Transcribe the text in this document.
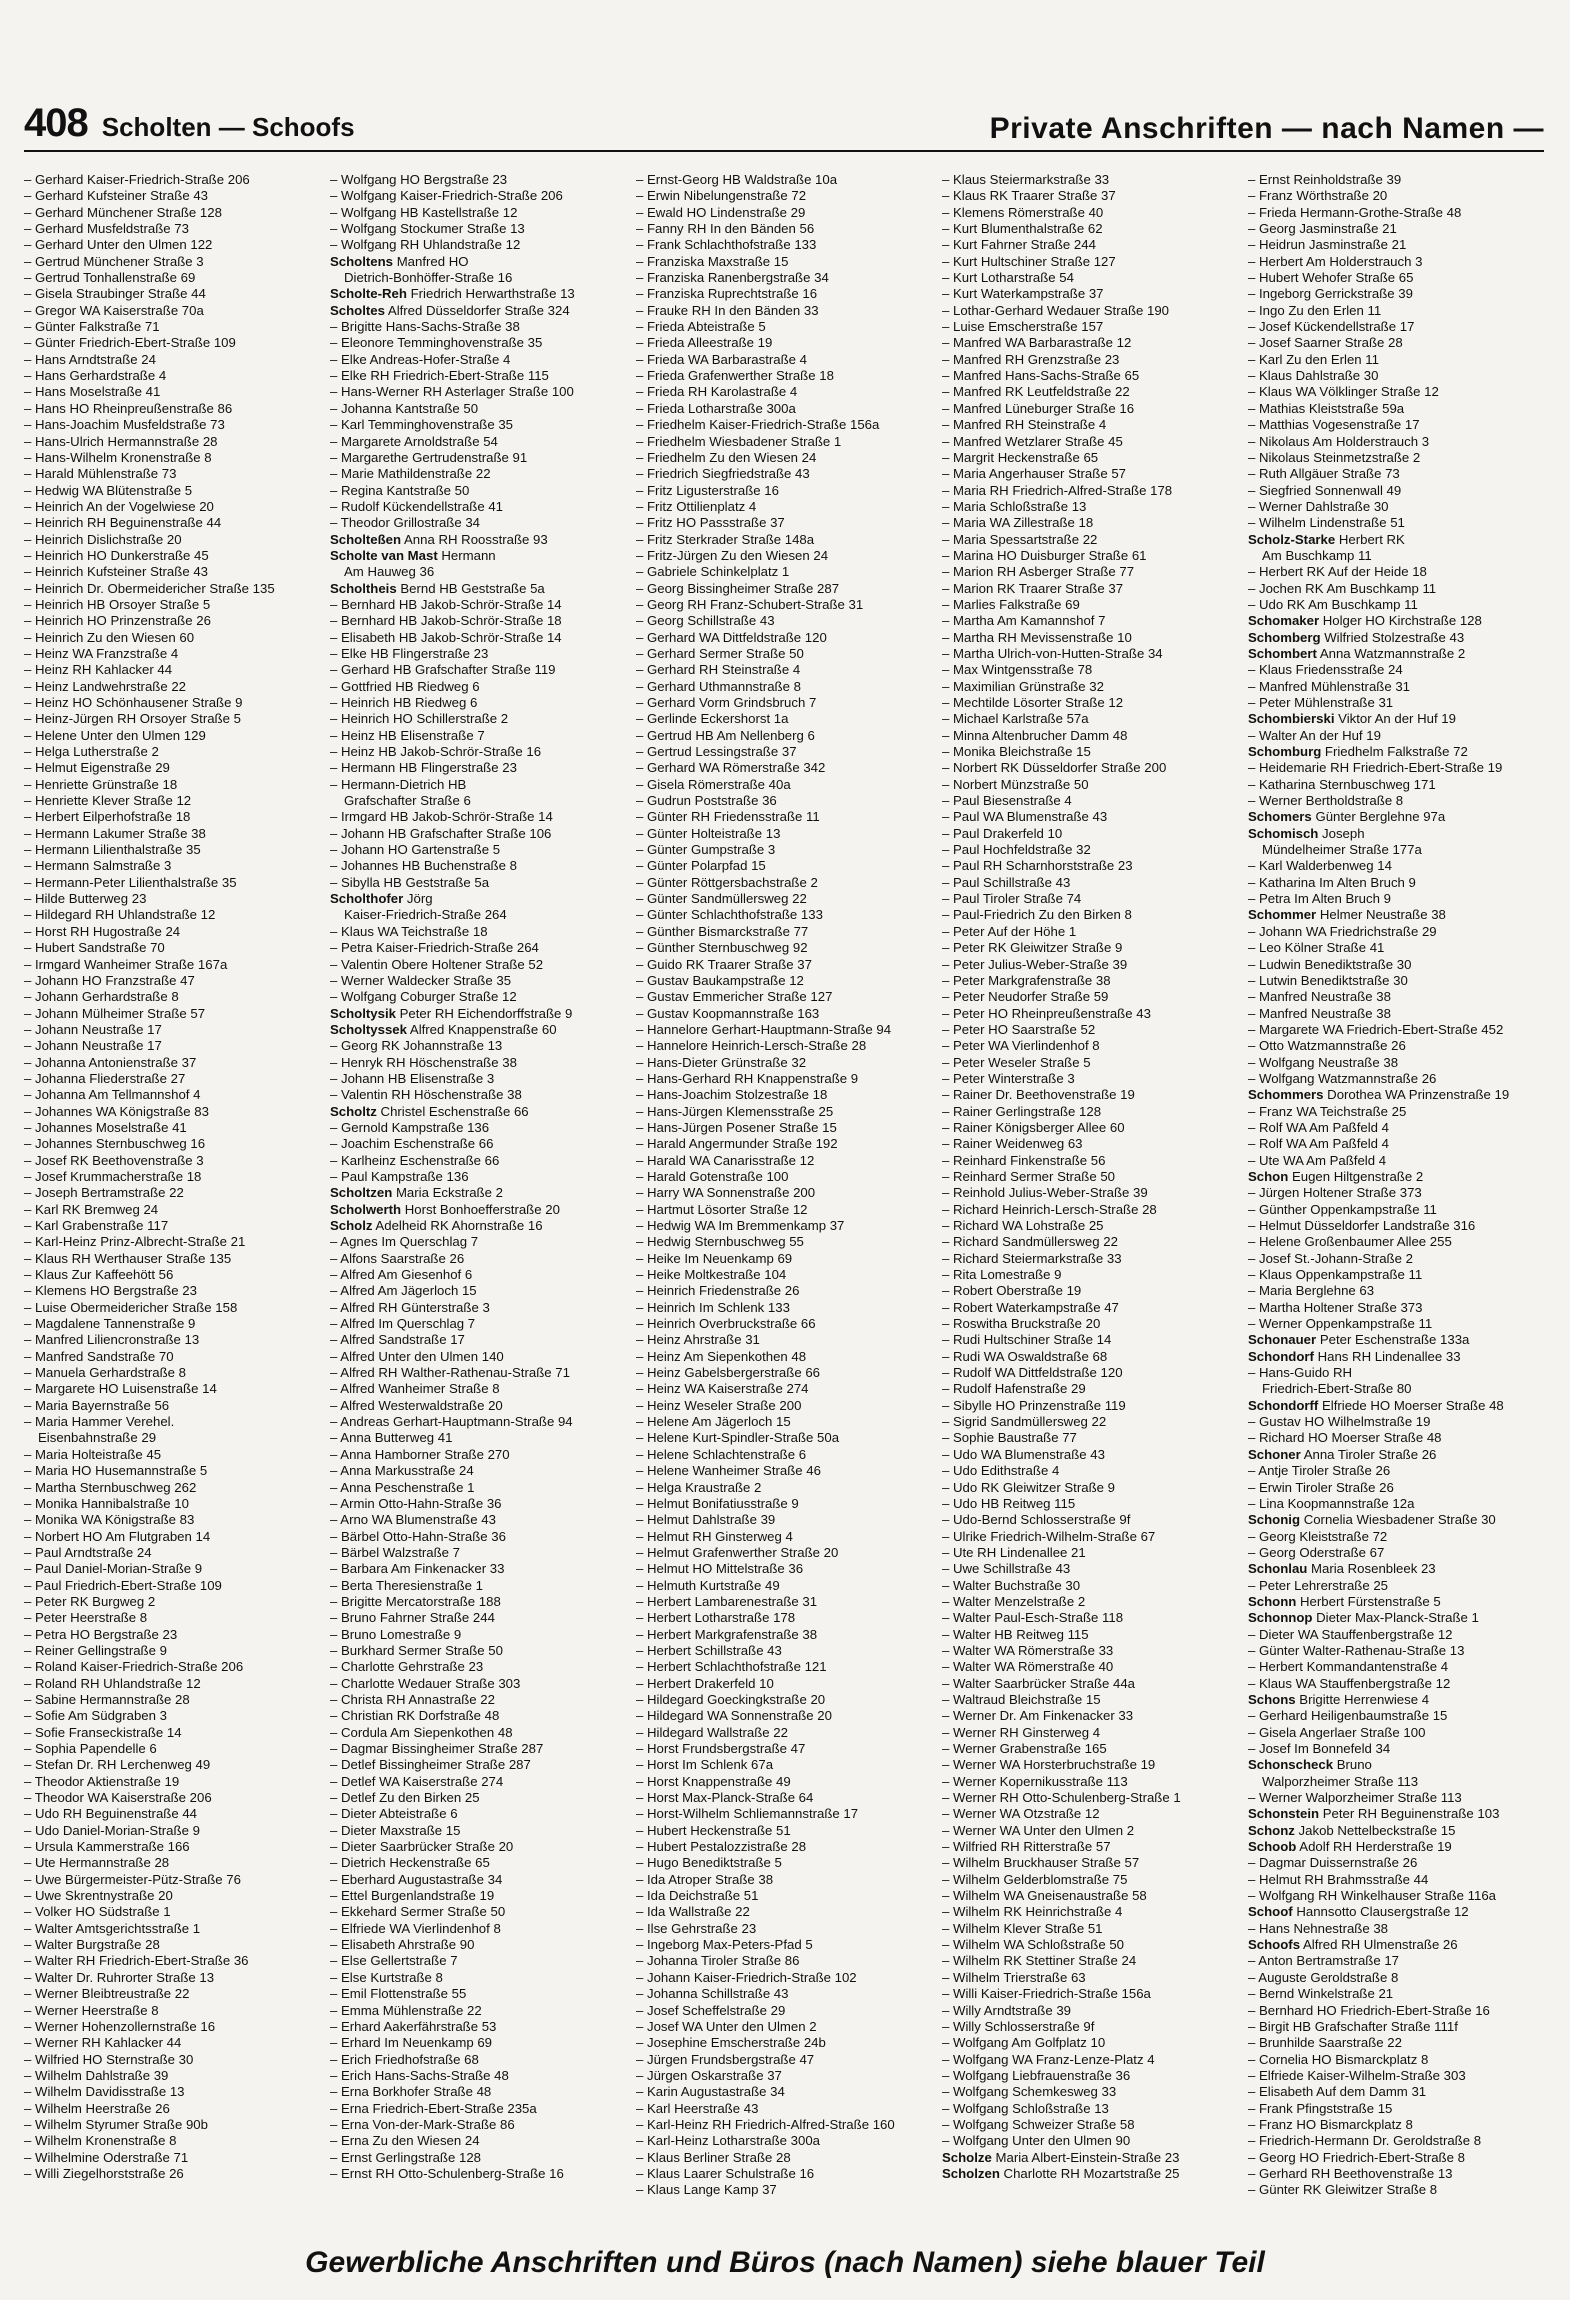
408 Scholten — Schoofs	Private Anschriften — nach Namen —
– Gerhard Kaiser-Friedrich-Straße 206
– Gerhard Kufsteiner Straße 43
– Gerhard Münchener Straße 128
– Gerhard Musfeldstraße 73
– Gerhard Unter den Ulmen 122
– Gertrud Münchener Straße 3
– Gertrud Tonhallenstraße 69
– Gisela Straubinger Straße 44
– Gregor WA Kaiserstraße 70a
– Günter Falkstraße 71
– Günter Friedrich-Ebert-Straße 109
– Hans Arndtstraße 24
– Hans Gerhardstraße 4
– Hans Moselstraße 41
– Hans HO Rheinpreußenstraße 86
– Hans-Joachim Musfeldstraße 73
– Hans-Ulrich Hermannstraße 28
– Hans-Wilhelm Kronenstraße 8
– Harald Mühlenstraße 73
– Hedwig WA Blütenstraße 5
– Heinrich An der Vogelwiese 20
– Heinrich RH Beguinenstraße 44
– Heinrich Dislichstraße 20
– Heinrich HO Dunkerstraße 45
– Heinrich Kufsteiner Straße 43
– Heinrich Dr. Obermeidericher Straße 135
– Heinrich HB Orsoyer Straße 5
– Heinrich HO Prinzenstraße 26
– Heinrich Zu den Wiesen 60
– Heinz WA Franzstraße 4
– Heinz RH Kahlacker 44
– Heinz Landwehrstraße 22
– Heinz HO Schönhausener Straße 9
– Heinz-Jürgen RH Orsoyer Straße 5
– Helene Unter den Ulmen 129
– Helga Lutherstraße 2
– Helmut Eigenstraße 29
– Henriette Grünstraße 18
– Henriette Klever Straße 12
– Herbert Eilperhofstraße 18
– Hermann Lakumer Straße 38
– Hermann Lilienthalstraße 35
– Hermann Salmstraße 3
– Hermann-Peter Lilienthalstraße 35
– Hilde Butterweg 23
– Hildegard RH Uhlandstraße 12
– Horst RH Hugostraße 24
– Hubert Sandstraße 70
– Irmgard Wanheimer Straße 167a
– Johann HO Franzstraße 47
– Johann Gerhardstraße 8
– Johann Mülheimer Straße 57
– Johann Neustraße 17
– Johann Neustraße 17
– Johanna Antonienstraße 37
– Johanna Fliederstraße 27
– Johanna Am Tellmannshof 4
– Johannes WA Königstraße 83
– Johannes Moselstraße 41
– Johannes Sternbuschweg 16
– Josef RK Beethovenstraße 3
– Josef Krummacherstraße 18
– Joseph Bertramstraße 22
– Karl RK Bremweg 24
– Karl Grabenstraße 117
– Karl-Heinz Prinz-Albrecht-Straße 21
– Klaus RH Werthauser Straße 135
– Klaus Zur Kaffeehött 56
– Klemens HO Bergstraße 23
– Luise Obermeidericher Straße 158
– Magdalene Tannenstraße 9
– Manfred Liliencronstraße 13
– Manfred Sandstraße 70
– Manuela Gerhardstraße 8
– Margarete HO Luisenstraße 14
– Maria Bayernstraße 56
– Maria Hammer Verehel.
Eisenbahnstraße 29
– Maria Holteistraße 45
– Maria HO Husemannstraße 5
– Martha Sternbuschweg 262
– Monika Hannibalstraße 10
– Monika WA Königstraße 83
– Norbert HO Am Flutgraben 14
– Paul Arndtstraße 24
– Paul Daniel-Morian-Straße 9
– Paul Friedrich-Ebert-Straße 109
– Peter RK Burgweg 2
– Peter Heerstraße 8
– Petra HO Bergstraße 23
– Reiner Gellingstraße 9
– Roland Kaiser-Friedrich-Straße 206
– Roland RH Uhlandstraße 12
– Sabine Hermannstraße 28
– Sofie Am Südgraben 3
– Sofie Franseckistraße 14
– Sophia Papendelle 6
– Stefan Dr. RH Lerchenweg 49
– Theodor Aktienstraße 19
– Theodor WA Kaiserstraße 206
– Udo RH Beguinenstraße 44
– Udo Daniel-Morian-Straße 9
– Ursula Kammerstraße 166
– Ute Hermannstraße 28
– Uwe Bürgermeister-Pütz-Straße 76
– Uwe Skrentnystraße 20
– Volker HO Südstraße 1
– Walter Amtsgerichtsstraße 1
– Walter Burgstraße 28
– Walter RH Friedrich-Ebert-Straße 36
– Walter Dr. Ruhrorter Straße 13
– Werner Bleibtreustraße 22
– Werner Heerstraße 8
– Werner Hohenzollernstraße 16
– Werner RH Kahlacker 44
– Wilfried HO Sternstraße 30
– Wilhelm Dahlstraße 39
– Wilhelm Davidisstraße 13
– Wilhelm Heerstraße 26
– Wilhelm Styrumer Straße 90b
– Wilhelm Kronenstraße 8
– Wilhelmine Oderstraße 71
– Willi Ziegelhorststraße 26
– Wolfgang HO Bergstraße 23
– Wolfgang Kaiser-Friedrich-Straße 206
– Wolfgang HB Kastellstraße 12
– Wolfgang Stockumer Straße 13
– Wolfgang RH Uhlandstraße 12
Scholtens Manfred HO
Dietrich-Bonhöffer-Straße 16
Scholte-Reh Friedrich Herwarthstraße 13
Scholtes Alfred Düsseldorfer Straße 324
– Brigitte Hans-Sachs-Straße 38
– Eleonore Temminghovenstraße 35
– Elke Andreas-Hofer-Straße 4
– Elke RH Friedrich-Ebert-Straße 115
– Hans-Werner RH Asterlager Straße 100
– Johanna Kantstraße 50
– Karl Temminghovenstraße 35
– Margarete Arnoldstraße 54
– Margarethe Gertrudenstraße 91
– Marie Mathildenstraße 22
– Regina Kantstraße 50
– Rudolf Kückendellstraße 41
– Theodor Grillostraße 34
Scholteßen Anna RH Roosstraße 93
Scholte van Mast Hermann
Am Hauweg 36
Scholtheis Bernd HB Geststraße 5a
– Bernhard HB Jakob-Schrör-Straße 14
– Bernhard HB Jakob-Schrör-Straße 18
– Elisabeth HB Jakob-Schrör-Straße 14
– Elke HB Flingerstraße 23
– Gerhard HB Grafschafter Straße 119
– Gottfried HB Riedweg 6
– Heinrich HB Riedweg 6
– Heinrich HO Schillerstraße 2
– Heinz HB Elisenstraße 7
– Heinz HB Jakob-Schrör-Straße 16
– Hermann HB Flingerstraße 23
– Hermann-Dietrich HB
Grafschafter Straße 6
– Irmgard HB Jakob-Schrör-Straße 14
– Johann HB Grafschafter Straße 106
– Johann HO Gartenstraße 5
– Johannes HB Buchenstraße 8
– Sibylla HB Geststraße 5a
Scholthofer Jörg
Kaiser-Friedrich-Straße 264
– Klaus WA Teichstraße 18
– Petra Kaiser-Friedrich-Straße 264
– Valentin Obere Holtener Straße 52
– Werner Waldecker Straße 35
– Wolfgang Coburger Straße 12
Scholtysik Peter RH Eichendorffstraße 9
Scholtyssek Alfred Knappenstraße 60
– Georg RK Johannstraße 13
– Henryk RH Höschenstraße 38
– Johann HB Elisenstraße 3
– Valentin RH Höschenstraße 38
Scholtz Christel Eschenstraße 66
– Gernold Kampstraße 136
– Joachim Eschenstraße 66
– Karlheinz Eschenstraße 66
– Paul Kampstraße 136
Scholtzen Maria Eckstraße 2
Scholwerth Horst Bonhoefferstraße 20
Scholz Adelheid RK Ahornstraße 16
– Agnes Im Querschlag 7
– Alfons Saarstraße 26
– Alfred Am Giesenhof 6
– Alfred Am Jägerloch 15
– Alfred RH Günterstraße 3
– Alfred Im Querschlag 7
– Alfred Sandstraße 17
– Alfred Unter den Ulmen 140
– Alfred RH Walther-Rathenau-Straße 71
– Alfred Wanheimer Straße 8
– Alfred Westerwaldstraße 20
– Andreas Gerhart-Hauptmann-Straße 94
– Anna Butterweg 41
– Anna Hamborner Straße 270
– Anna Markusstraße 24
– Anna Peschenstraße 1
– Armin Otto-Hahn-Straße 36
– Arno WA Blumenstraße 43
– Bärbel Otto-Hahn-Straße 36
– Bärbel Walzstraße 7
– Barbara Am Finkenacker 33
– Berta Theresienstraße 1
– Brigitte Mercatorstraße 188
– Bruno Fahrner Straße 244
– Bruno Lomestraße 9
– Burkhard Sermer Straße 50
– Charlotte Gehrstraße 23
– Charlotte Wedauer Straße 303
– Christa RH Annastraße 22
– Christian RK Dorfstraße 48
– Cordula Am Siepenkothen 48
– Dagmar Bissingheimer Straße 287
– Detlef Bissingheimer Straße 287
– Detlef WA Kaiserstraße 274
– Detlef Zu den Birken 25
– Dieter Abteistraße 6
– Dieter Maxstraße 15
– Dieter Saarbrücker Straße 20
– Dietrich Heckenstraße 65
– Eberhard Augustastraße 34
– Ettel Burgenlandstraße 19
– Ekkehard Sermer Straße 50
– Elfriede WA Vierlindenhof 8
– Elisabeth Ahrstraße 90
– Else Gellertstraße 7
– Else Kurtstraße 8
– Emil Flottenstraße 55
– Emma Mühlenstraße 22
– Erhard Aakerfährstraße 53
– Erhard Im Neuenkamp 69
– Erich Friedhofstraße 68
– Erich Hans-Sachs-Straße 48
– Erna Borkhofer Straße 48
– Erna Friedrich-Ebert-Straße 235a
– Erna Von-der-Mark-Straße 86
– Erna Zu den Wiesen 24
– Ernst Gerlingstraße 128
– Ernst RH Otto-Schulenberg-Straße 16
– Ernst-Georg HB Waldstraße 10a
– Erwin Nibelungenstraße 72
– Ewald HO Lindenstraße 29
– Fanny RH In den Bänden 56
– Frank Schlachthofstraße 133
– Franziska Maxstraße 15
– Franziska Ranenbergstraße 34
– Franziska Ruprechtstraße 16
– Frauke RH In den Bänden 33
– Frieda Abteistraße 5
– Frieda Alleestraße 19
– Frieda WA Barbarastraße 4
– Frieda Grafenwerther Straße 18
– Frieda RH Karolastraße 4
– Frieda Lotharstraße 300a
– Friedhelm Kaiser-Friedrich-Straße 156a
– Friedhelm Wiesbadener Straße 1
– Friedhelm Zu den Wiesen 24
– Friedrich Siegfriedstraße 43
– Fritz Ligusterstraße 16
– Fritz Ottilienplatz 4
– Fritz HO Passstraße 37
– Fritz Sterkrader Straße 148a
– Fritz-Jürgen Zu den Wiesen 24
– Gabriele Schinkelplatz 1
– Georg Bissingheimer Straße 287
– Georg RH Franz-Schubert-Straße 31
– Georg Schillstraße 43
– Gerhard WA Dittfeldstraße 120
– Gerhard Sermer Straße 50
– Gerhard RH Steinstraße 4
– Gerhard Uthmannstraße 8
– Gerhard Vorm Grindsbruch 7
– Gerlinde Eckershorst 1a
– Gertrud HB Am Nellenberg 6
– Gertrud Lessingstraße 37
– Gerhard WA Römerstraße 342
– Gisela Römerstraße 40a
– Gudrun Poststraße 36
– Günter RH Friedensstraße 11
– Günter Holteistraße 13
– Günter Gumpstraße 3
– Günter Polarpfad 15
– Günter Röttgersbachstraße 2
– Günter Sandmüllersweg 22
– Günter Schlachthofstraße 133
– Günther Bismarckstraße 77
– Günther Sternbuschweg 92
– Guido RK Traarer Straße 37
– Gustav Baukampstraße 12
– Gustav Emmericher Straße 127
– Gustav Koopmannstraße 163
– Hannelore Gerhart-Hauptmann-Straße 94
– Hannelore Heinrich-Lersch-Straße 28
– Hans-Dieter Grünstraße 32
– Hans-Gerhard RH Knappenstraße 9
– Hans-Joachim Stolzestraße 18
– Hans-Jürgen Klemensstraße 25
– Hans-Jürgen Posener Straße 15
– Harald Angermunder Straße 192
– Harald WA Canarisstraße 12
– Harald Gotenstraße 100
– Harry WA Sonnenstraße 200
– Hartmut Lösorter Straße 12
– Hedwig WA Im Bremmenkamp 37
– Hedwig Sternbuschweg 55
– Heike Im Neuenkamp 69
– Heike Moltkestraße 104
– Heinrich Friedenstraße 26
– Heinrich Im Schlenk 133
– Heinrich Overbruckstraße 66
– Heinz Ahrstraße 31
– Heinz Am Siepenkothen 48
– Heinz Gabelsbergerstraße 66
– Heinz WA Kaiserstraße 274
– Heinz Weseler Straße 200
– Helene Am Jägerloch 15
– Helene Kurt-Spindler-Straße 50a
– Helene Schlachtenstraße 6
– Helene Wanheimer Straße 46
– Helga Kraustraße 2
– Helmut Bonifatiusstraße 9
– Helmut Dahlstraße 39
– Helmut RH Ginsterweg 4
– Helmut Grafenwerther Straße 20
– Helmut HO Mittelstraße 36
– Helmuth Kurtstraße 49
– Herbert Lambarenestraße 31
– Herbert Lotharstraße 178
– Herbert Markgrafenstraße 38
– Herbert Schillstraße 43
– Herbert Schlachthofstraße 121
– Herbert Drakerfeld 10
– Hildegard Goeckingkstraße 20
– Hildegard WA Sonnenstraße 20
– Hildegard Wallstraße 22
– Horst Frundsbergstraße 47
– Horst Im Schlenk 67a
– Horst Knappenstraße 49
– Horst Max-Planck-Straße 64
– Horst-Wilhelm Schliemannstraße 17
– Hubert Heckenstraße 51
– Hubert Pestalozzistraße 28
– Hugo Benediktstraße 5
– Ida Atroper Straße 38
– Ida Deichstraße 51
– Ida Wallstraße 22
– Ilse Gehrstraße 23
– Ingeborg Max-Peters-Pfad 5
– Johanna Tiroler Straße 86
– Johann Kaiser-Friedrich-Straße 102
– Johanna Schillstraße 43
– Josef Scheffelstraße 29
– Josef WA Unter den Ulmen 2
– Josephine Emscherstraße 24b
– Jürgen Frundsbergstraße 47
– Jürgen Oskarstraße 37
– Karin Augustastraße 34
– Karl Heerstraße 43
– Karl-Heinz RH Friedrich-Alfred-Straße 160
– Karl-Heinz Lotharstraße 300a
– Klaus Berliner Straße 28
– Klaus Laarer Schulstraße 16
– Klaus Lange Kamp 37
– Klaus Steiermarkstraße 33
– Klaus RK Traarer Straße 37
– Klemens Römerstraße 40
– Kurt Blumenthalstraße 62
– Kurt Fahrner Straße 244
– Kurt Hultschiner Straße 127
– Kurt Lotharstraße 54
– Kurt Waterkampstraße 37
– Lothar-Gerhard Wedauer Straße 190
– Luise Emscherstraße 157
– Manfred WA Barbarastraße 12
– Manfred RH Grenzstraße 23
– Manfred Hans-Sachs-Straße 65
– Manfred RK Leutfeldstraße 22
– Manfred Lüneburger Straße 16
– Manfred RH Steinstraße 4
– Manfred Wetzlarer Straße 45
– Margrit Heckenstraße 65
– Maria Angerhauser Straße 57
– Maria RH Friedrich-Alfred-Straße 178
– Maria Schloßstraße 13
– Maria WA Zillestraße 18
– Maria Spessartstraße 22
– Marina HO Duisburger Straße 61
– Marion RH Asberger Straße 77
– Marion RK Traarer Straße 37
– Marlies Falkstraße 69
– Martha Am Kamannshof 7
– Martha RH Mevissenstraße 10
– Martha Ulrich-von-Hutten-Straße 34
– Max Wintgensstraße 78
– Maximilian Grünstraße 32
– Mechtilde Lösorter Straße 12
– Michael Karlstraße 57a
– Minna Altenbrucher Damm 48
– Monika Bleichstraße 15
– Norbert RK Düsseldorfer Straße 200
– Norbert Münzstraße 50
– Paul Biesenstraße 4
– Paul WA Blumenstraße 43
– Paul Drakerfeld 10
– Paul Hochfeldstraße 32
– Paul RH Scharnhorststraße 23
– Paul Schillstraße 43
– Paul Tiroler Straße 74
– Paul-Friedrich Zu den Birken 8
– Peter Auf der Höhe 1
– Peter RK Gleiwitzer Straße 9
– Peter Julius-Weber-Straße 39
– Peter Markgrafenstraße 38
– Peter Neudorfer Straße 59
– Peter HO Rheinpreußenstraße 43
– Peter HO Saarstraße 52
– Peter WA Vierlindenhof 8
– Peter Weseler Straße 5
– Peter Winterstraße 3
– Rainer Dr. Beethovenstraße 19
– Rainer Gerlingstraße 128
– Rainer Königsberger Allee 60
– Rainer Weidenweg 63
– Reinhard Finkenstraße 56
– Reinhard Sermer Straße 50
– Reinhold Julius-Weber-Straße 39
– Richard Heinrich-Lersch-Straße 28
– Richard WA Lohstraße 25
– Richard Sandmüllersweg 22
– Richard Steiermarkstraße 33
– Rita Lomestraße 9
– Robert Oberstraße 19
– Robert Waterkampstraße 47
– Roswitha Bruckstraße 20
– Rudi Hultschiner Straße 14
– Rudi WA Oswaldstraße 68
– Rudolf WA Dittfeldstraße 120
– Rudolf Hafenstraße 29
– Sibylle HO Prinzenstraße 119
– Sigrid Sandmüllersweg 22
– Sophie Baustraße 77
– Udo WA Blumenstraße 43
– Udo Edithstraße 4
– Udo RK Gleiwitzer Straße 9
– Udo HB Reitweg 115
– Udo-Bernd Schlosserstraße 9f
– Ulrike Friedrich-Wilhelm-Straße 67
– Ute RH Lindenallee 21
– Uwe Schillstraße 43
– Walter Buchstraße 30
– Walter Menzelstraße 2
– Walter Paul-Esch-Straße 118
– Walter HB Reitweg 115
– Walter WA Römerstraße 33
– Walter WA Römerstraße 40
– Walter Saarbrücker Straße 44a
– Waltraud Bleichstraße 15
– Werner Dr. Am Finkenacker 33
– Werner RH Ginsterweg 4
– Werner Grabenstraße 165
– Werner WA Horsterbruchstraße 19
– Werner Kopernikusstraße 113
– Werner RH Otto-Schulenberg-Straße 1
– Werner WA Otzstraße 12
– Werner WA Unter den Ulmen 2
– Wilfried RH Ritterstraße 57
– Wilhelm Bruckhauser Straße 57
– Wilhelm Gelderblomstraße 75
– Wilhelm WA Gneisenaustraße 58
– Wilhelm RK Heinrichstraße 4
– Wilhelm Klever Straße 51
– Wilhelm WA Schloßstraße 50
– Wilhelm RK Stettiner Straße 24
– Wilhelm Trierstraße 63
– Willi Kaiser-Friedrich-Straße 156a
– Willy Arndtstraße 39
– Willy Schlosserstraße 9f
– Wolfgang Am Golfplatz 10
– Wolfgang WA Franz-Lenze-Platz 4
– Wolfgang Liebfrauenstraße 36
– Wolfgang Schemkesweg 33
– Wolfgang Schloßstraße 13
– Wolfgang Schweizer Straße 58
– Wolfgang Unter den Ulmen 90
Scholze Maria Albert-Einstein-Straße 23
Scholzen Charlotte RH Mozartstraße 25
– Ernst Reinholdstraße 39
– Franz Wörthstraße 20
– Frieda Hermann-Grothe-Straße 48
– Georg Jasminstraße 21
– Heidrun Jasminstraße 21
– Herbert Am Holderstrauch 3
– Hubert Wehofer Straße 65
– Ingeborg Gerrickstraße 39
– Ingo Zu den Erlen 11
– Josef Kückendellstraße 17
– Josef Saarner Straße 28
– Karl Zu den Erlen 11
– Klaus Dahlstraße 30
– Klaus WA Völklinger Straße 12
– Mathias Kleiststraße 59a
– Matthias Vogesenstraße 17
– Nikolaus Am Holderstrauch 3
– Nikolaus Steinmetzstraße 2
– Ruth Allgäuer Straße 73
– Siegfried Sonnenwall 49
– Werner Dahlstraße 30
– Wilhelm Lindenstraße 51
Scholz-Starke Herbert RK
Am Buschkamp 11
– Herbert RK Auf der Heide 18
– Jochen RK Am Buschkamp 11
– Udo RK Am Buschkamp 11
Schomaker Holger HO Kirchstraße 128
Schomberg Wilfried Stolzestraße 43
Schombert Anna Watzmannstraße 2
– Klaus Friedensstraße 24
– Manfred Mühlenstraße 31
– Peter Mühlenstraße 31
Schombierski Viktor An der Huf 19
– Walter An der Huf 19
Schomburg Friedhelm Falkstraße 72
– Heidemarie RH Friedrich-Ebert-Straße 19
– Katharina Sternbuschweg 171
– Werner Bertholdstraße 8
Schomers Günter Berglehne 97a
Schomisch Joseph
Mündelheimer Straße 177a
– Karl Walderbenweg 14
– Katharina Im Alten Bruch 9
– Petra Im Alten Bruch 9
Schommer Helmer Neustraße 38
– Johann WA Friedrichstraße 29
– Leo Kölner Straße 41
– Ludwin Benediktstraße 30
– Lutwin Benediktstraße 30
– Manfred Neustraße 38
– Manfred Neustraße 38
– Margarete WA Friedrich-Ebert-Straße 452
– Otto Watzmannstraße 26
– Wolfgang Neustraße 38
– Wolfgang Watzmannstraße 26
Schommers Dorothea WA Prinzenstraße 19
– Franz WA Teichstraße 25
– Rolf WA Am Paßfeld 4
– Rolf WA Am Paßfeld 4
– Ute WA Am Paßfeld 4
Schon Eugen Hiltgenstraße 2
– Jürgen Holtener Straße 373
– Günther Oppenkampstraße 11
– Helmut Düsseldorfer Landstraße 316
– Helene Großenbaumer Allee 255
– Josef St.-Johann-Straße 2
– Klaus Oppenkampstraße 11
– Maria Berglehne 63
– Martha Holtener Straße 373
– Werner Oppenkampstraße 11
Schonauer Peter Eschenstraße 133a
Schondorf Hans RH Lindenallee 33
– Hans-Guido RH
Friedrich-Ebert-Straße 80
Schondorff Elfriede HO Moerser Straße 48
– Gustav HO Wilhelmstraße 19
– Richard HO Moerser Straße 48
Schoner Anna Tiroler Straße 26
– Antje Tiroler Straße 26
– Erwin Tiroler Straße 26
– Lina Koopmannstraße 12a
Schonig Cornelia Wiesbadener Straße 30
– Georg Kleiststraße 72
– Georg Oderstraße 67
Schonlau Maria Rosenbleek 23
– Peter Lehrerstraße 25
Schonn Herbert Fürstenstraße 5
Schonnop Dieter Max-Planck-Straße 1
– Dieter WA Stauffenbergstraße 12
– Günter Walter-Rathenau-Straße 13
– Herbert Kommandantenstraße 4
– Klaus WA Stauffenbergstraße 12
Schons Brigitte Herrenwiese 4
– Gerhard Heiligenbaumstraße 15
– Gisela Angerlaer Straße 100
– Josef Im Bonnefeld 34
Schonscheck Bruno
Walporzheimer Straße 113
– Werner Walporzheimer Straße 113
Schonstein Peter RH Beguinenstraße 103
Schonz Jakob Nettelbeckstraße 15
Schoob Adolf RH Herderstraße 19
– Dagmar Duissernstraße 26
– Helmut RH Brahmsstraße 44
– Wolfgang RH Winkelhauser Straße 116a
Schoof Hannsotto Clausergstraße 12
– Hans Nehnestraße 38
Schoofs Alfred RH Ulmenstraße 26
– Anton Bertramstraße 17
– Auguste Geroldstraße 8
– Bernd Winkelstraße 21
– Bernhard HO Friedrich-Ebert-Straße 16
– Birgit HB Grafschafter Straße 111f
– Brunhilde Saarstraße 22
– Cornelia HO Bismarckplatz 8
– Elfriede Kaiser-Wilhelm-Straße 303
– Elisabeth Auf dem Damm 31
– Frank Pfingststraße 15
– Franz HO Bismarckplatz 8
– Friedrich-Hermann Dr. Geroldstraße 8
– Georg HO Friedrich-Ebert-Straße 8
– Gerhard RH Beethovenstraße 13
– Günter RK Gleiwitzer Straße 8
Gewerbliche Anschriften und Büros (nach Namen) siehe blauer Teil
